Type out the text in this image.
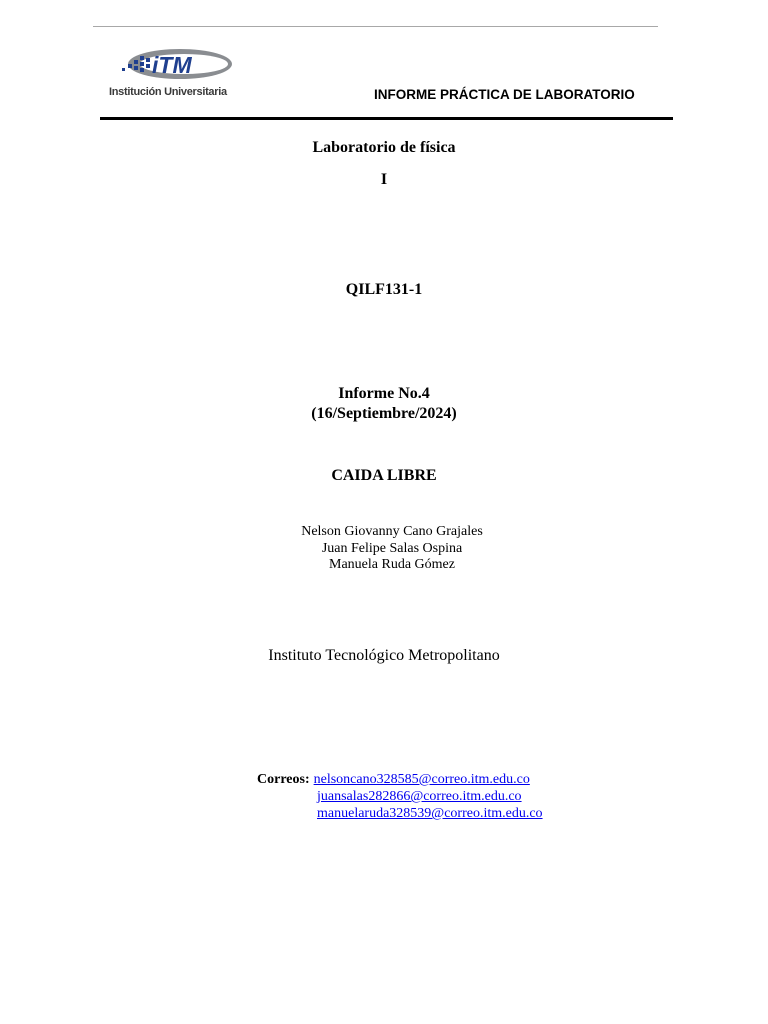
iTM
Institución Universitaria	INFORME PRÁCTICA DE LABORATORIO
Laboratorio de física
I
QILF131-1
Informe No.4
(16/Septiembre/2024)
CAIDA LIBRE
Nelson Giovanny Cano Grajales
Juan Felipe Salas Ospina
Manuela Ruda Gómez
Instituto Tecnológico Metropolitano
Correos: nelsoncano328585@correo.itm.edu.co
juansalas282866@correo.itm.edu.co
manuelaruda328539@correo.itm.edu.co
